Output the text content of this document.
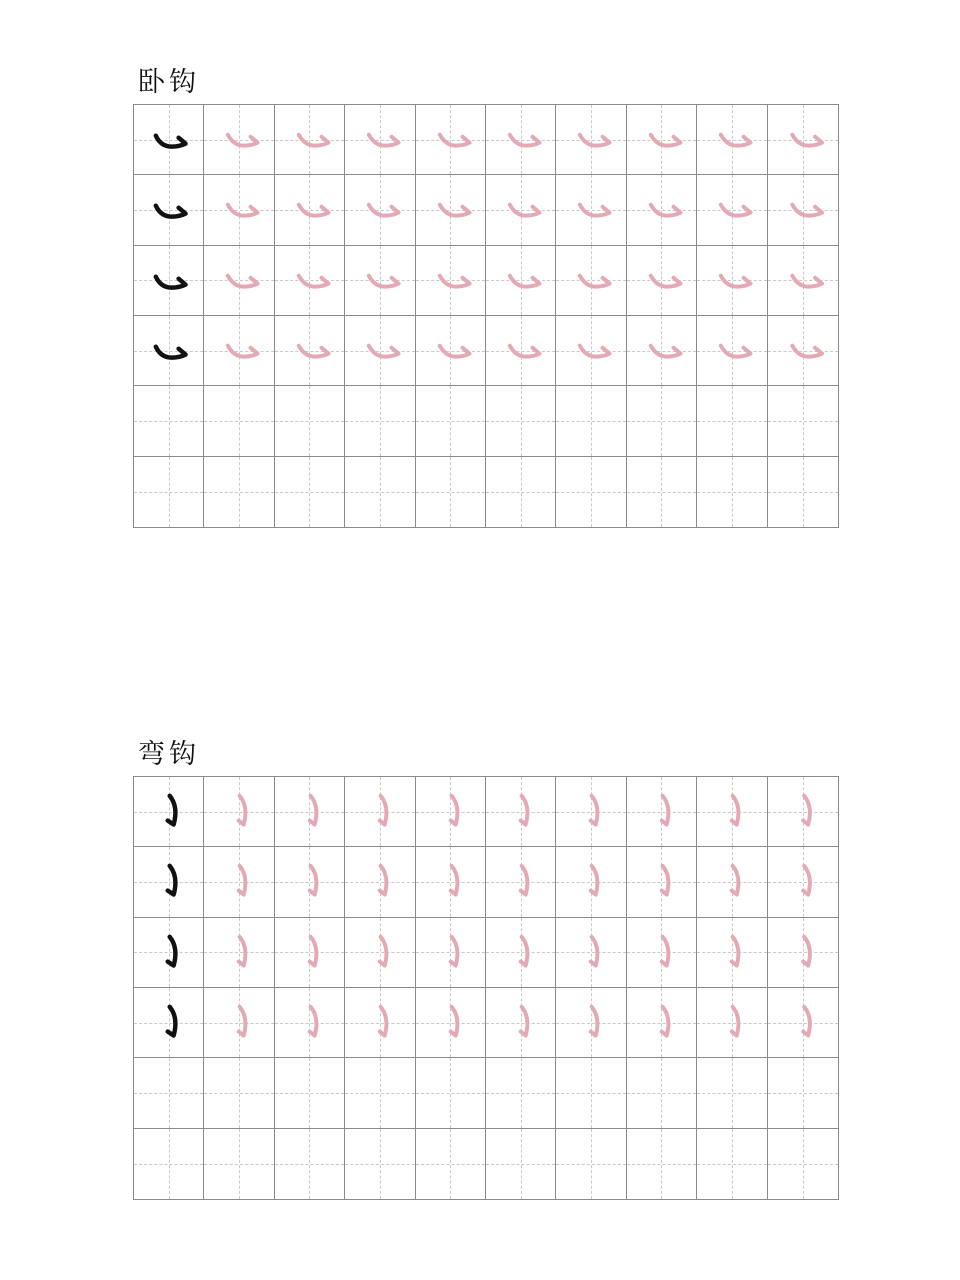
卧钩
弯钩
